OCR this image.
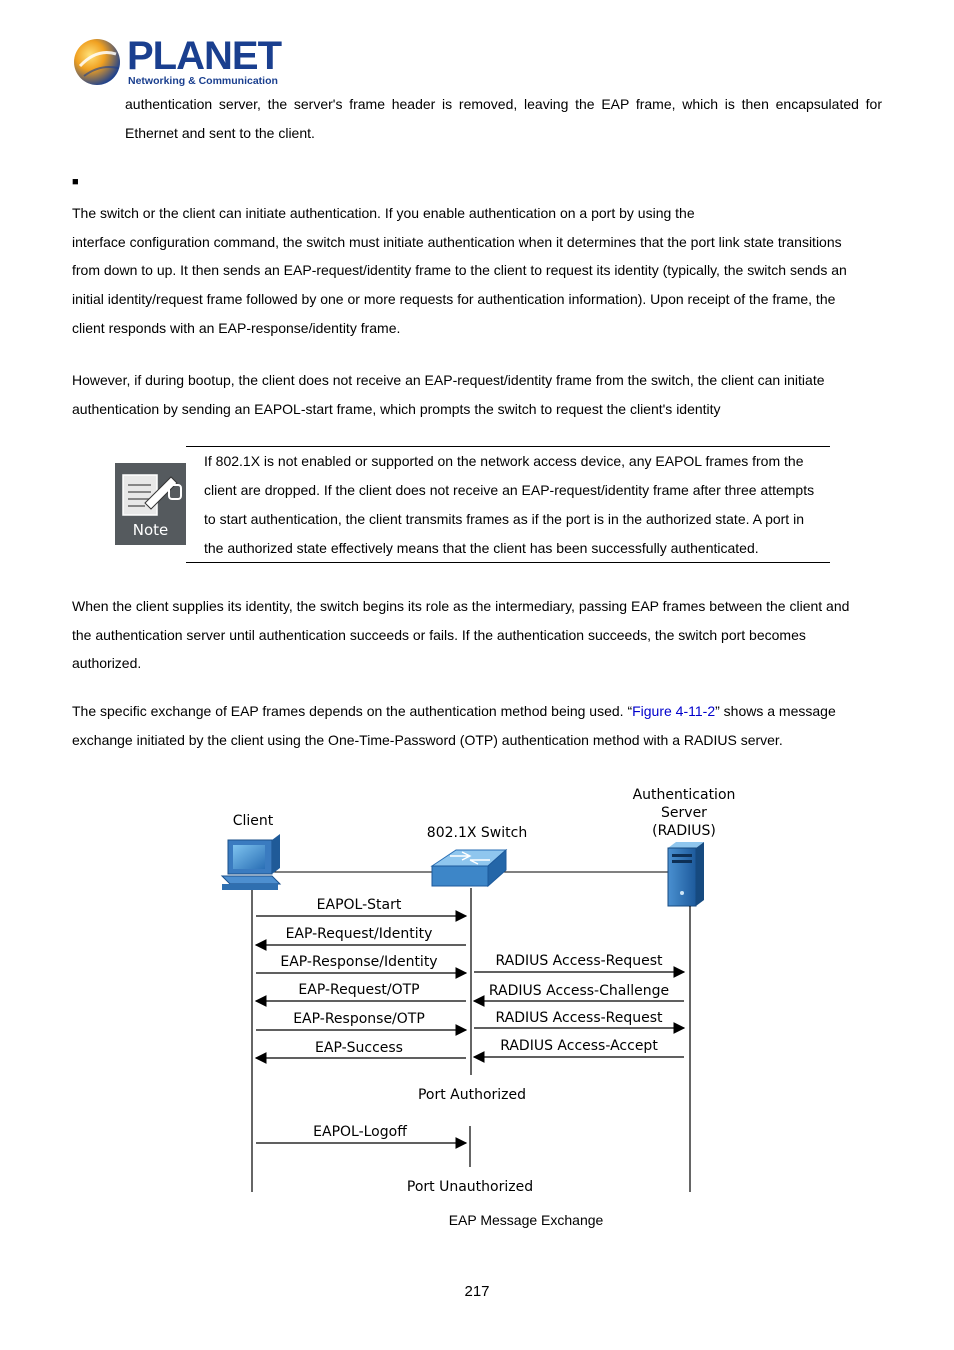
PLANET
Networking & Communication
authentication server, the server's frame header is removed, leaving the EAP frame, which is then encapsulated for
Ethernet and sent to the client.
■

The switch or the client can initiate authentication. If you enable authentication on a port by using the

interface configuration command, the switch must initiate authentication when it determines that the port link state transitions

from down to up. It then sends an EAP-request/identity frame to the client to request its identity (typically, the switch sends an

initial identity/request frame followed by one or more requests for authentication information). Upon receipt of the frame, the

client responds with an EAP-response/identity frame.

However, if during bootup, the client does not receive an EAP-request/identity frame from the switch, the client can initiate

authentication by sending an EAPOL-start frame, which prompts the switch to request the client's identity

Note
If 802.1X is not enabled or supported on the network access device, any EAPOL frames from the
client are dropped. If the client does not receive an EAP-request/identity frame after three attempts
to start authentication, the client transmits frames as if the port is in the authorized state. A port in
the authorized state effectively means that the client has been successfully authenticated.

When the client supplies its identity, the switch begins its role as the intermediary, passing EAP frames between the client and

the authentication server until authentication succeeds or fails. If the authentication succeeds, the switch port becomes

authorized.

The specific exchange of EAP frames depends on the authentication method being used. “Figure 4-11-2” shows a message

exchange initiated by the client using the One-Time-Password (OTP) authentication method with a RADIUS server.

Client
802.1X Switch
Authentication
Server
(RADIUS)
EAPOL-Start
EAP-Request/Identity
EAP-Response/Identity
EAP-Request/OTP
EAP-Response/OTP
EAP-Success
RADIUS Access-Request
RADIUS Access-Challenge
RADIUS Access-Request
RADIUS Access-Accept
Port Authorized
EAPOL-Logoff
Port Unauthorized
EAP Message Exchange
217
